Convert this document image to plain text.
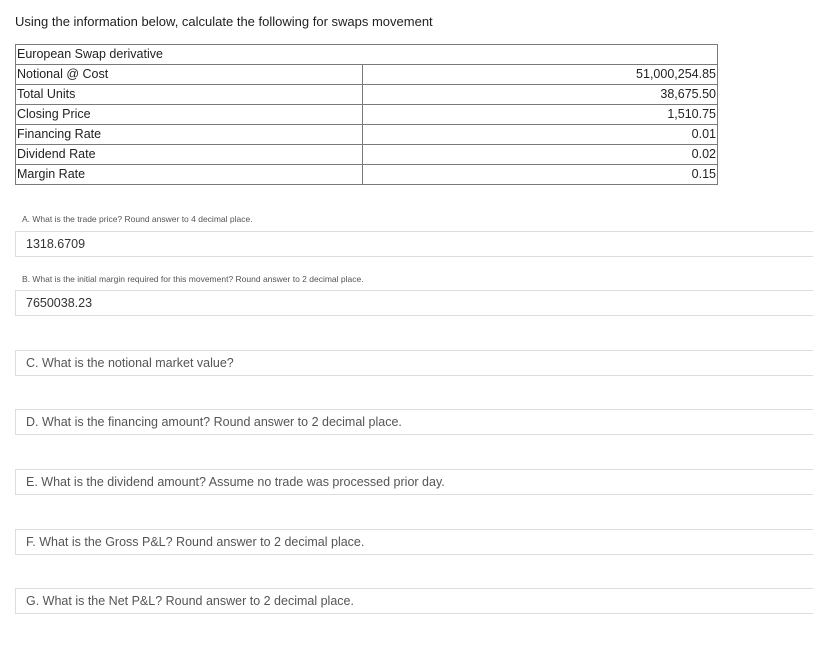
Using the information below, calculate the following for swaps movement
European Swap derivative	
Notional @ Cost	51,000,254.85
Total Units	38,675.50
Closing Price	1,510.75
Financing Rate	0.01
Dividend Rate	0.02
Margin Rate	0.15
A. What is the trade price? Round answer to 4 decimal place.
1318.6709
B. What is the initial margin required for this movement? Round answer to 2 decimal place.
7650038.23
C. What is the notional market value?
D. What is the financing amount? Round answer to 2 decimal place.
E. What is the dividend amount? Assume no trade was processed prior day.
F. What is the Gross P&L? Round answer to 2 decimal place.
G. What is the Net P&L? Round answer to 2 decimal place.
